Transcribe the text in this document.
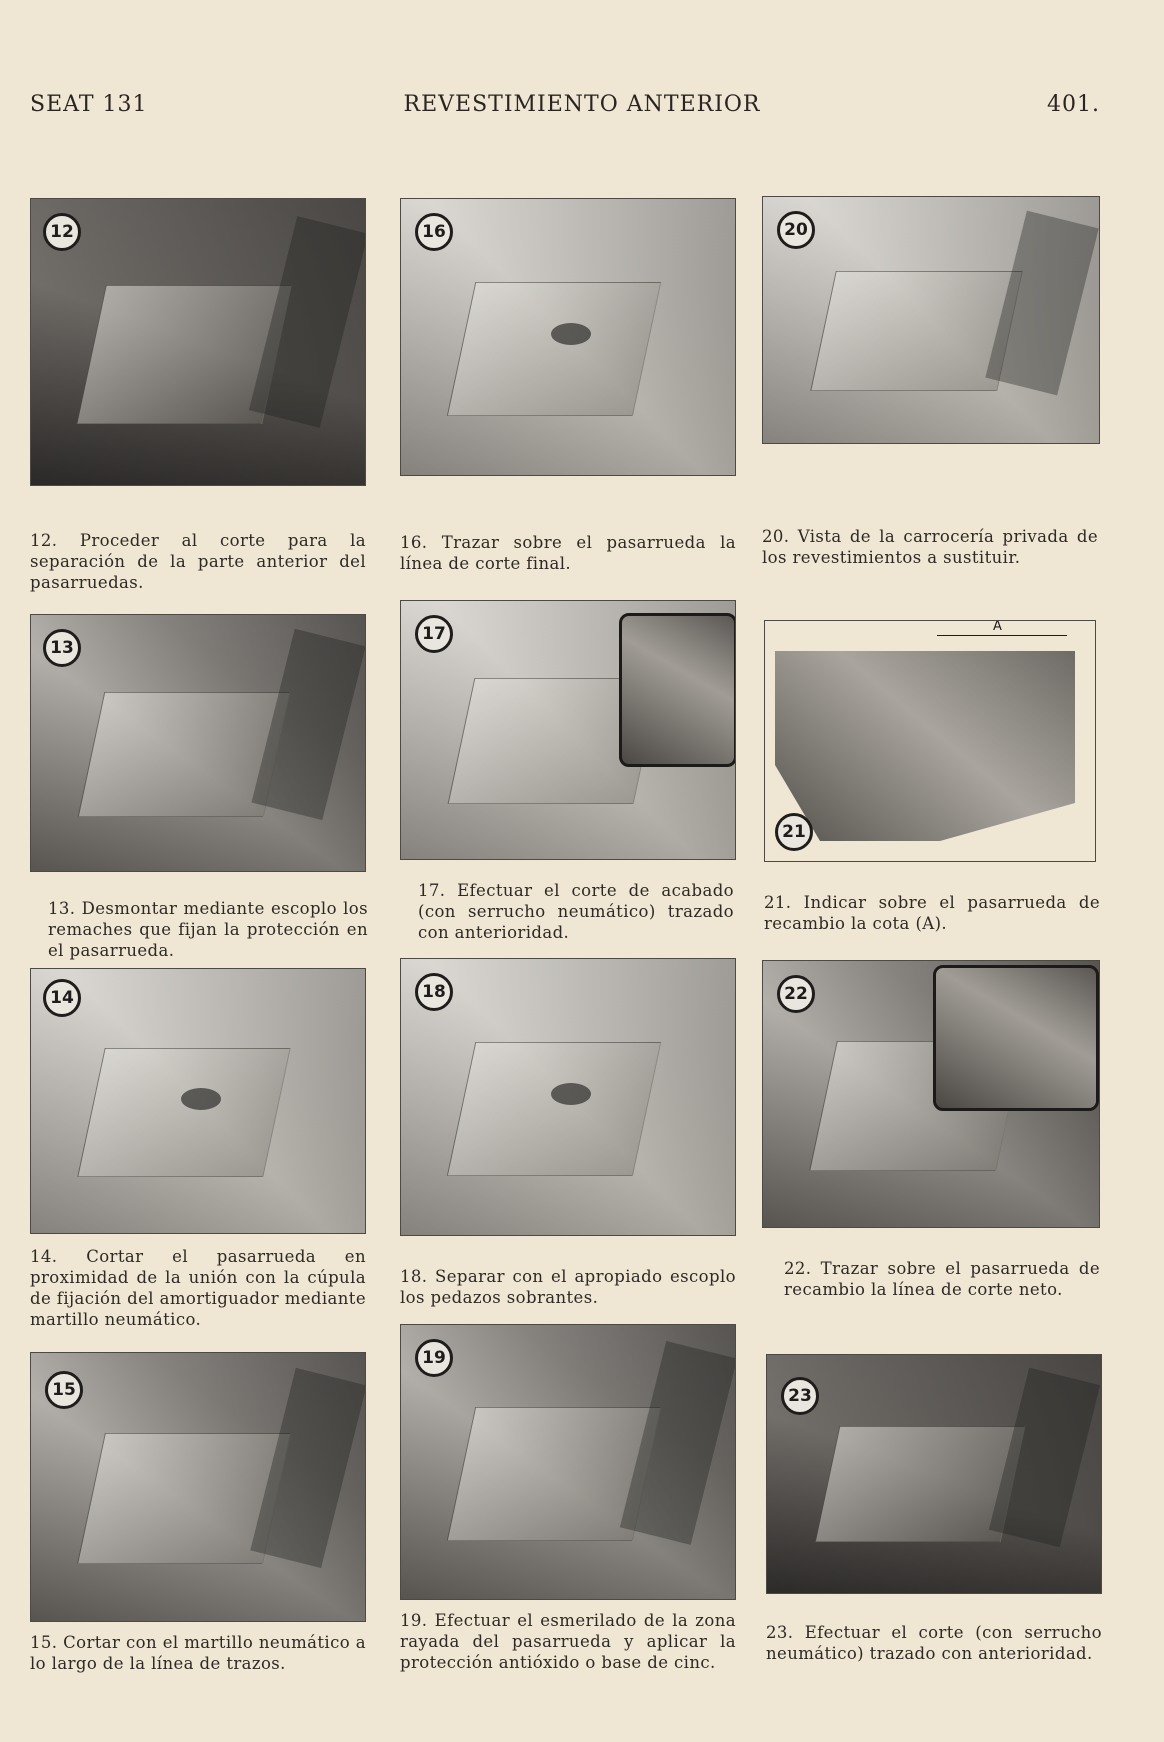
SEAT 131	REVESTIMIENTO ANTERIOR	401.
12
12. Proceder al corte para la separación de la parte anterior del pasarruedas.
13
13. Desmontar mediante escoplo los remaches que fijan la protección en el pasarrueda.
14
14. Cortar el pasarrueda en proximidad de la unión con la cúpula de fijación del amortiguador mediante martillo neumático.
15
15. Cortar con el martillo neumático a lo largo de la línea de trazos.
16
16. Trazar sobre el pasarrueda la línea de corte final.
17
17. Efectuar el corte de acabado (con serrucho neumático) trazado con anterioridad.
18
18. Separar con el apropiado escoplo los pedazos sobrantes.
19
19. Efectuar el esmerilado de la zona rayada del pasarrueda y aplicar la protección antióxido o base de cinc.
20
20. Vista de la carrocería privada de los revestimientos a sustituir.
A
21
21. Indicar sobre el pasarrueda de recambio la cota (A).
22
22. Trazar sobre el pasarrueda de recambio la línea de corte neto.
23
23. Efectuar el corte (con serrucho neumático) trazado con anterioridad.
